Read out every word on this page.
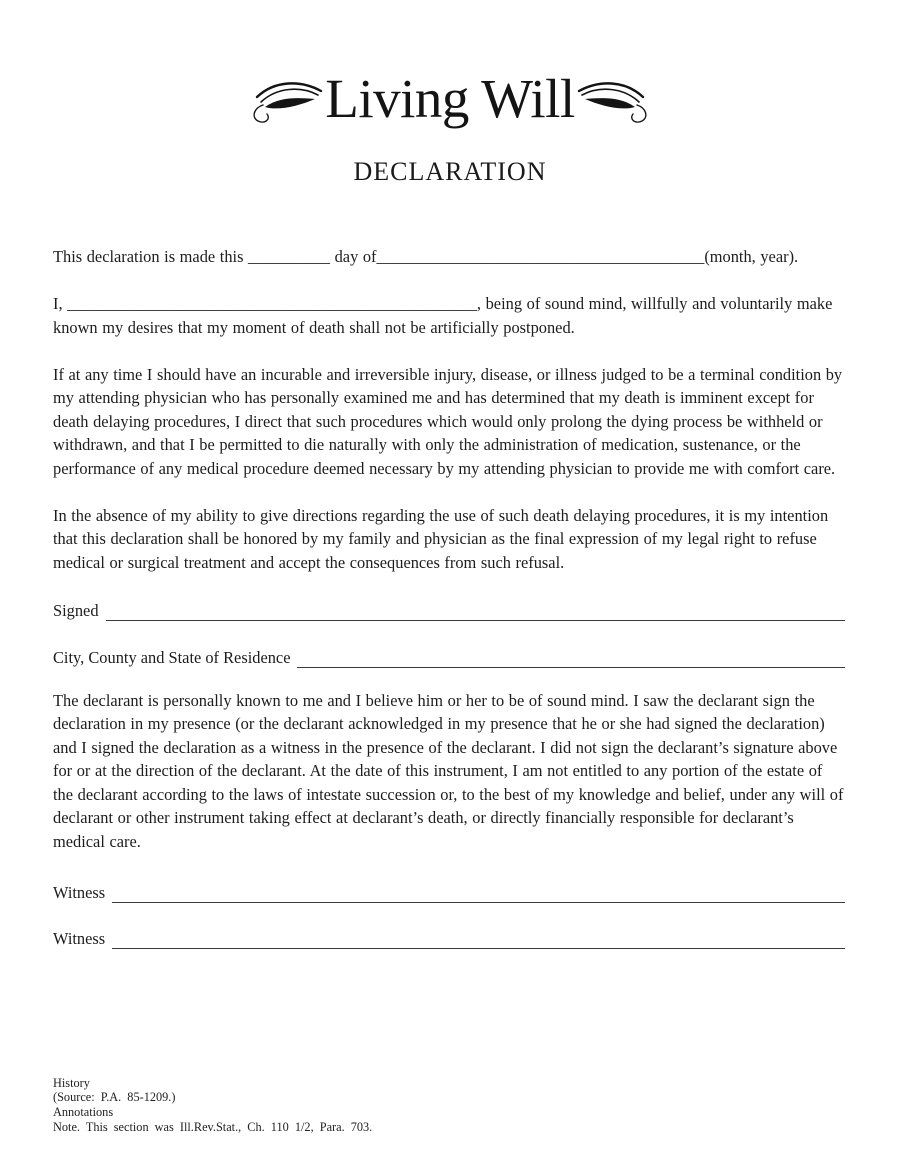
Living Will
DECLARATION

This declaration is made this __________ day of________________________________________(month, year).

I, __________________________________________________, being of sound mind, willfully and voluntarily make known my desires that my moment of death shall not be artificially postponed.

If at any time I should have an incurable and irreversible injury, disease, or illness judged to be a terminal condition by my attending physician who has personally examined me and has determined that my death is imminent except for death delaying procedures, I direct that such procedures which would only prolong the dying process be withheld or withdrawn, and that I be permitted to die naturally with only the administration of medication, sustenance, or the performance of any medical procedure deemed necessary by my attending physician to provide me with comfort care.

In the absence of my ability to give directions regarding the use of such death delaying procedures, it is my intention that this declaration shall be honored by my family and physician as the final expression of my legal right to refuse medical or surgical treatment and accept the consequences from such refusal.

Signed
City, County and State of Residence

The declarant is personally known to me and I believe him or her to be of sound mind. I saw the declarant sign the declaration in my presence (or the declarant acknowledged in my presence that he or she had signed the declaration) and I signed the declaration as a witness in the presence of the declarant. I did not sign the declarant’s signature above for or at the direction of the declarant. At the date of this instrument, I am not entitled to any portion of the estate of the declarant according to the laws of intestate succession or, to the best of my knowledge and belief, under any will of declarant or other instrument taking effect at declarant’s death, or directly financially responsible for declarant’s medical care.

Witness
Witness
History
(Source: P.A. 85-1209.)
Annotations
Note. This section was Ill.Rev.Stat., Ch. 110 1/2, Para. 703.
